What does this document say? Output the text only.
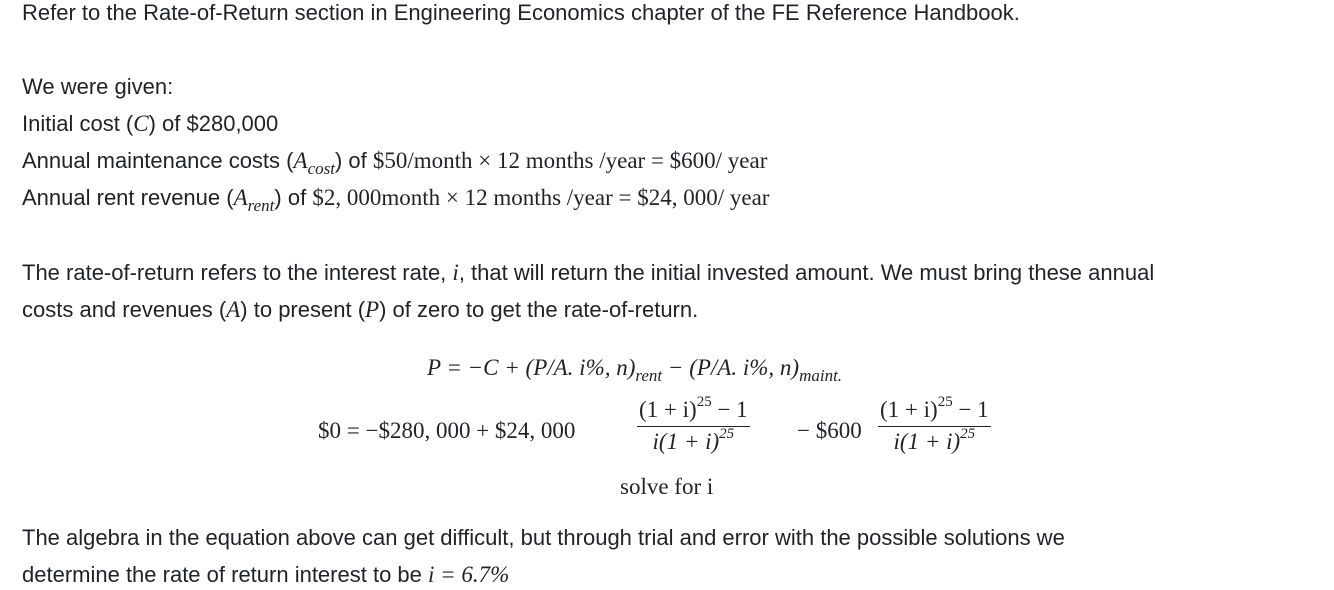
Refer to the Rate-of-Return section in Engineering Economics chapter of the FE Reference Handbook.
We were given:
Initial cost (C) of $280,000
Annual maintenance costs $(A_{cost})$ of $50/month × 12 months /year = $600/ year
Annual rent revenue $(A_{rent})$ of $2, 000month × 12 months /year = $24, 000/ year
The rate-of-return refers to the interest rate, i, that will return the initial invested amount. We must bring these annual
costs and revenues (A) to present (P) of zero to get the rate-of-return.
P = −C + (P/A. i%, $n)_{rent} - (P/A$. i%, $n)_{maint.}$
$0 = −$280, 000 + $24, 000	$\frac{(1 + i)^{25} - 1}{i(1 + i)^{25}}$ − $600 $\frac{(1 + i)^{25} - 1}{i(1 + i)^{25}}$
solve for i
The algebra in the equation above can get difficult, but through trial and error with the possible solutions we
determine the rate of return interest to be i = 6.7%
